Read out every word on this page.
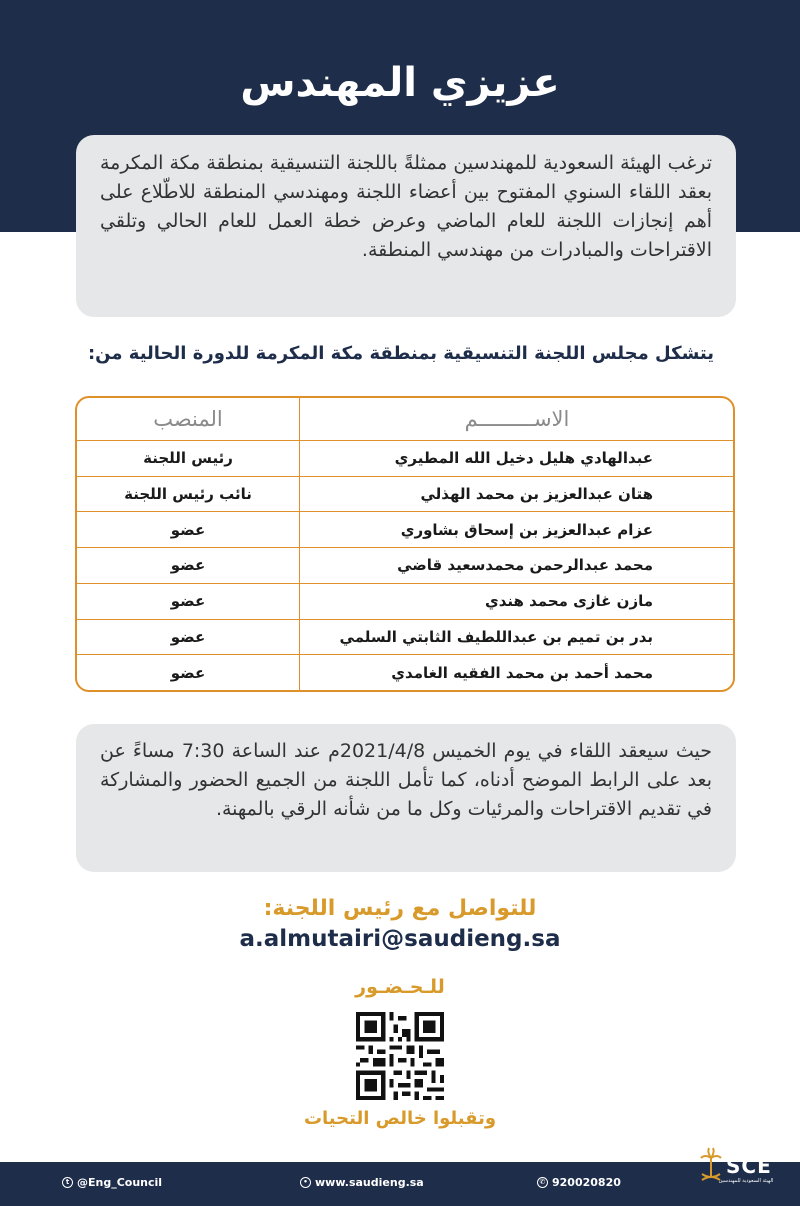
عزيزي المهندس
ترغب الهيئة السعودية للمهندسين ممثلةً باللجنة التنسيقية بمنطقة مكة المكرمة بعقد اللقاء السنوي المفتوح بين أعضاء اللجنة ومهندسي المنطقة للاطّلاع على أهم إنجازات اللجنة للعام الماضي وعرض خطة العمل للعام الحالي وتلقي الاقتراحات والمبادرات من مهندسي المنطقة.
يتشكل مجلس اللجنة التنسيقية بمنطقة مكة المكرمة للدورة الحالية من:
الاســـــــــم	المنصب
عبدالهادي هليل دخيل الله المطيري	رئيس اللجنة
هتان عبدالعزيز بن محمد الهذلي	نائب رئيس اللجنة
عزام عبدالعزيز بن إسحاق بشاوري	عضو
محمد عبدالرحمن محمدسعيد قاضي	عضو
مازن غازى محمد هندي	عضو
بدر بن تميم بن عبداللطيف الثابتي السلمي	عضو
محمد أحمد بن محمد الفقيه الغامدي	عضو
حيث سيعقد اللقاء في يوم الخميس 2021/4/8م عند الساعة 7:30 مساءً عن بعد على الرابط الموضح أدناه، كما تأمل اللجنة من الجميع الحضور والمشاركة في تقديم الاقتراحات والمرئيات وكل ما من شأنه الرقي بالمهنة.
للتواصل مع رئيس اللجنة:
a.almutairi@saudieng.sa
للـحـضـور
وتقبلوا خالص التحيات
t @Eng_Council	• www.saudieng.sa	✆ 920020820
SCE
الهيئة السعودية للمهندسين
